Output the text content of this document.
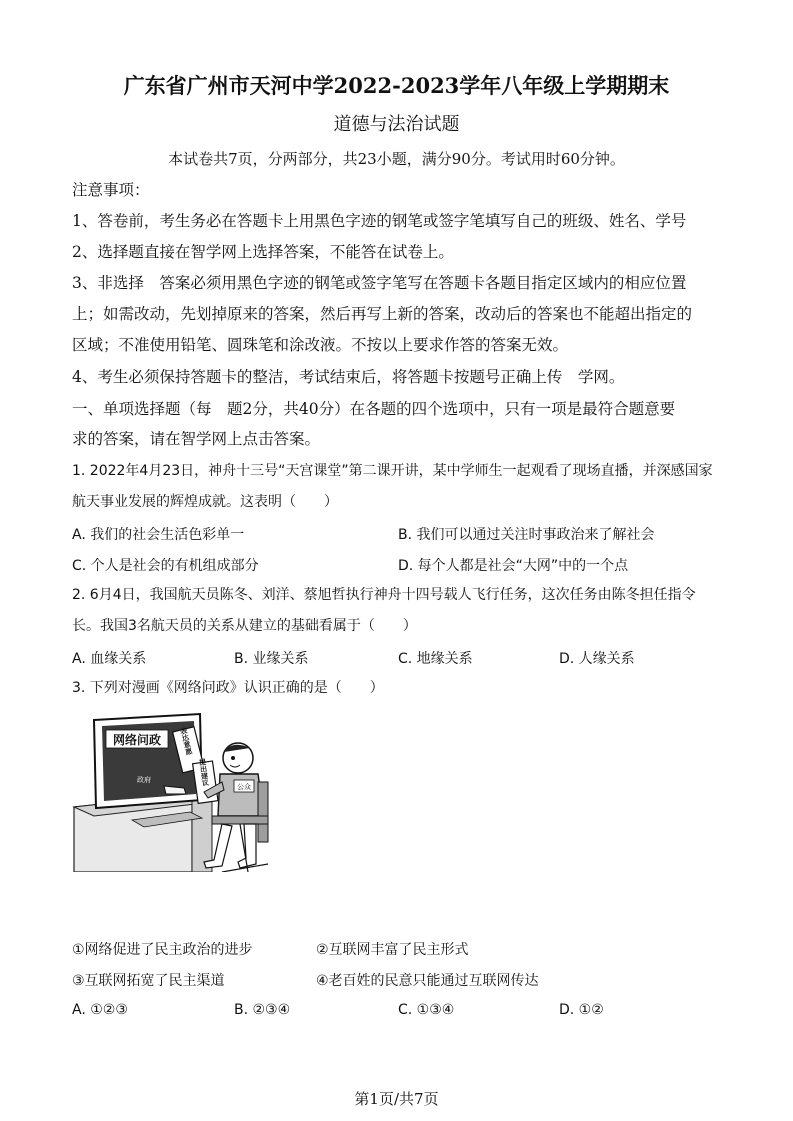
广东省广州市天河中学2022-2023学年八年级上学期期末
道德与法治试题
本试卷共7页，分两部分，共23小题，满分90分。考试用时60分钟。
注意事项：
1、答卷前，考生务必在答题卡上用黑色字迹的钢笔或签字笔填写自己的班级、姓名、学号
2、选择题直接在智学网上选择答案，不能答在试卷上。
3、非选择　答案必须用黑色字迹的钢笔或签字笔写在答题卡各题目指定区域内的相应位置
上；如需改动，先划掉原来的答案，然后再写上新的答案，改动后的答案也不能超出指定的
区域；不准使用铅笔、圆珠笔和涂改液。不按以上要求作答的答案无效。
4、考生必须保持答题卡的整洁，考试结束后，将答题卡按题号正确上传　学网。
一、单项选择题（每　题2分，共40分）在各题的四个选项中，只有一项是最符合题意要
求的答案，请在智学网上点击答案。
1. 2022年4月23日，神舟十三号“天宫课堂”第二课开讲，某中学师生一起观看了现场直播，并深感国家
航天事业发展的辉煌成就。这表明（　　）
A. 我们的社会生活色彩单一	B. 我们可以通过关注时事政治来了解社会
C. 个人是社会的有机组成部分	D. 每个人都是社会“大网”中的一个点
2. 6月4日，我国航天员陈冬、刘洋、蔡旭哲执行神舟十四号载人飞行任务，这次任务由陈冬担任指令
长。我国3名航天员的关系从建立的基础看属于（　　）
A. 血缘关系	B. 业缘关系	C. 地缘关系	D. 人缘关系
3. 下列对漫画《网络问政》认识正确的是（　　）
网络问政
政府
表达意愿
提出建议
公众
①网络促进了民主政治的进步	②互联网丰富了民主形式
③互联网拓宽了民主渠道	④老百姓的民意只能通过互联网传达
A. ①②③	B. ②③④	C. ①③④	D. ①②
第1页/共7页
